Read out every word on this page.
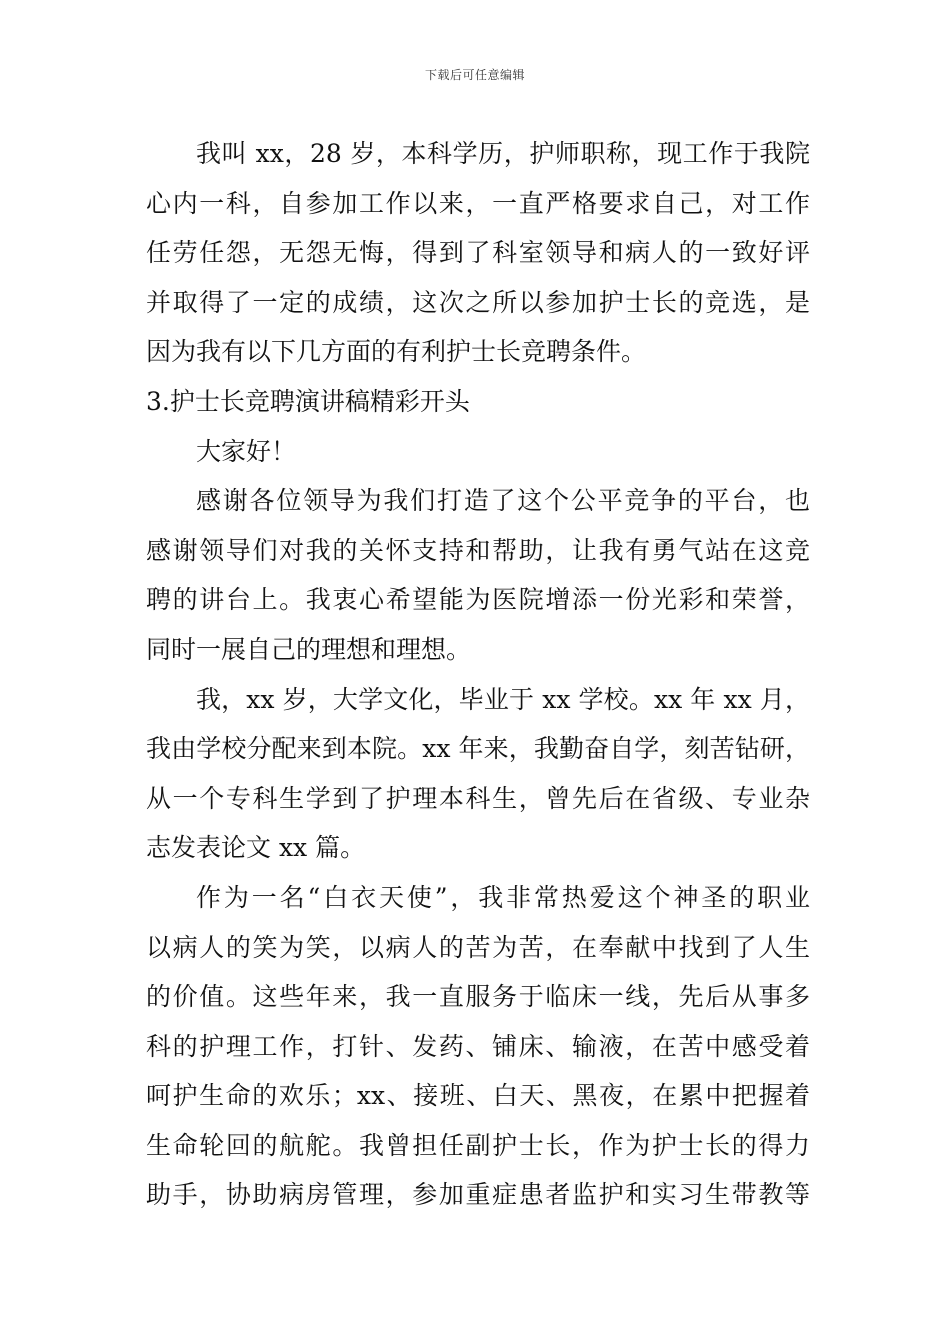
下载后可任意编辑
我叫 xx，28 岁，本科学历，护师职称，现工作于我院
心内一科，自参加工作以来，一直严格要求自己，对工作
任劳任怨，无怨无悔，得到了科室领导和病人的一致好评
并取得了一定的成绩，这次之所以参加护士长的竞选，是
因为我有以下几方面的有利护士长竞聘条件。
3.护士长竞聘演讲稿精彩开头
大家好！
感谢各位领导为我们打造了这个公平竞争的平台，也
感谢领导们对我的关怀支持和帮助，让我有勇气站在这竞
聘的讲台上。我衷心希望能为医院增添一份光彩和荣誉，
同时一展自己的理想和理想。
我，xx 岁，大学文化，毕业于 xx 学校。xx 年 xx 月，
我由学校分配来到本院。xx 年来，我勤奋自学，刻苦钻研，
从一个专科生学到了护理本科生，曾先后在省级、专业杂
志发表论文 xx 篇。
作为一名“白衣天使”，我非常热爱这个神圣的职业
以病人的笑为笑，以病人的苦为苦，在奉献中找到了人生
的价值。这些年来，我一直服务于临床一线，先后从事多
科的护理工作，打针、发药、铺床、输液，在苦中感受着
呵护生命的欢乐；xx、接班、白天、黑夜，在累中把握着
生命轮回的航舵。我曾担任副护士长，作为护士长的得力
助手，协助病房管理，参加重症患者监护和实习生带教等
